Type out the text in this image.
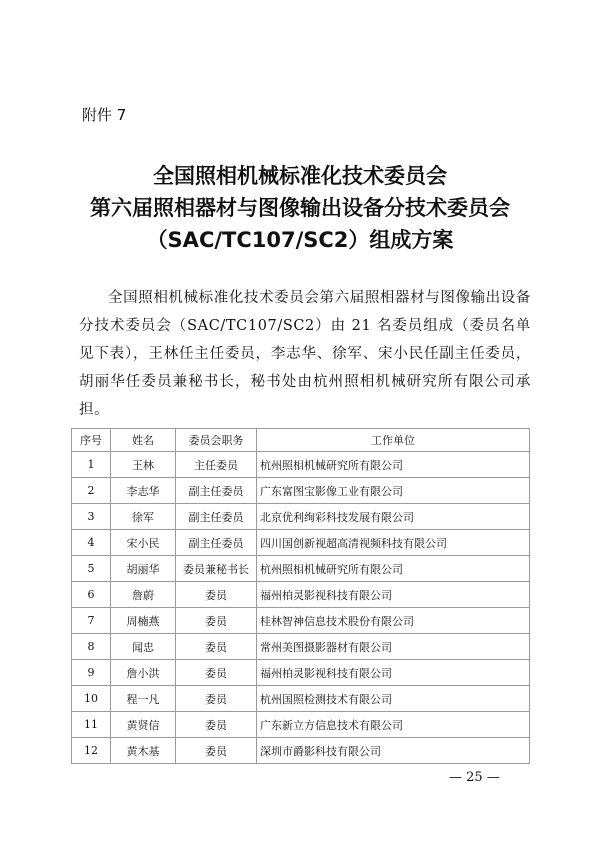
附件 7
全国照相机械标准化技术委员会
第六届照相器材与图像输出设备分技术委员会
（SAC/TC107/SC2）组成方案
全国照相机械标准化技术委员会第六届照相器材与图像输出设备分技术委员会（SAC/TC107/SC2）由 21 名委员组成（委员名单见下表），王林任主任委员，李志华、徐军、宋小民任副主任委员，胡丽华任委员兼秘书长，秘书处由杭州照相机械研究所有限公司承担。
序号	姓名	委员会职务	工作单位
1	王林	主任委员	杭州照相机械研究所有限公司
2	李志华	副主任委员	广东富图宝影像工业有限公司
3	徐军	副主任委员	北京优利绚彩科技发展有限公司
4	宋小民	副主任委员	四川国创新视超高清视频科技有限公司
5	胡丽华	委员兼秘书长	杭州照相机械研究所有限公司
6	詹蔚	委员	福州柏灵影视科技有限公司
7	周楠燕	委员	桂林智神信息技术股份有限公司
8	闻忠	委员	常州美图摄影器材有限公司
9	詹小洪	委员	福州柏灵影视科技有限公司
10	程一凡	委员	杭州国照检测技术有限公司
11	黄贤信	委员	广东新立方信息技术有限公司
12	黄木基	委员	深圳市爵影科技有限公司
— 25 —
